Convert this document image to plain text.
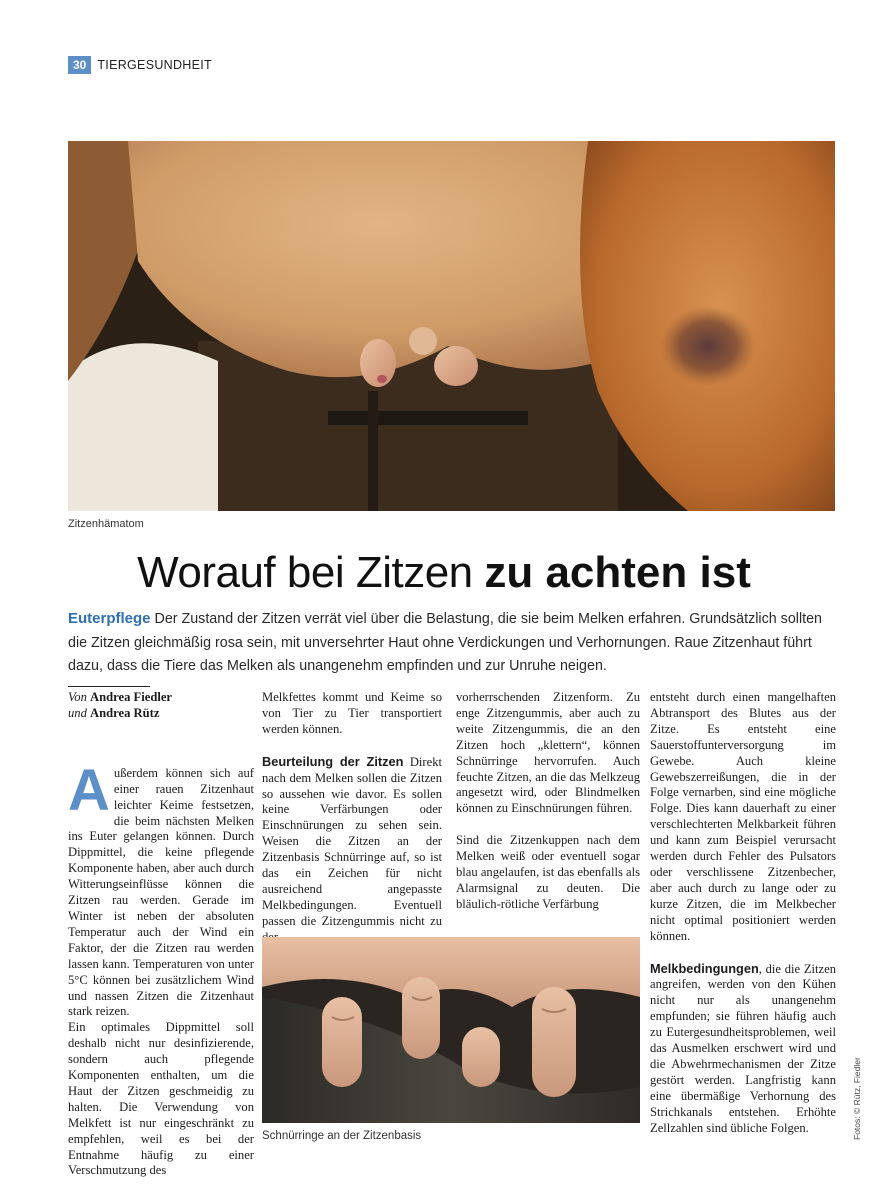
30 TIERGESUNDHEIT
Zitzenhämatom
Worauf bei Zitzen zu achten ist
Euterpflege Der Zustand der Zitzen verrät viel über die Belastung, die sie beim Melken erfahren. Grundsätzlich sollten die Zitzen gleichmäßig rosa sein, mit unversehrter Haut ohne Verdickungen und Verhornungen. Raue Zitzenhaut führt dazu, dass die Tiere das Melken als unangenehm empfinden und zur Unruhe neigen.
Von Andrea Fiedler
und Andrea Rütz

Außerdem können sich auf einer rauen Zitzenhaut leichter Keime festsetzen, die beim nächsten Melken ins Euter gelangen können. Durch Dippmittel, die keine pflegende Komponente haben, aber auch durch Witterungseinflüsse können die Zitzen rau werden. Gerade im Winter ist neben der absoluten Temperatur auch der Wind ein Faktor, der die Zitzen rau werden lassen kann. Temperaturen von unter 5°C können bei zusätzlichem Wind und nassen Zitzen die Zitzenhaut stark reizen.

Ein optimales Dippmittel soll deshalb nicht nur desinfizierende, sondern auch pflegende Komponenten enthalten, um die Haut der Zitzen geschmeidig zu halten. Die Verwendung von Melkfett ist nur eingeschränkt zu empfehlen, weil es bei der Entnahme häufig zu einer Verschmutzung des

Melkfettes kommt und Keime so von Tier zu Tier transportiert werden können.

Beurteilung der Zitzen Direkt nach dem Melken sollen die Zitzen so aussehen wie davor. Es sollen keine Verfärbungen oder Einschnürungen zu sehen sein. Weisen die Zitzen an der Zitzenbasis Schnürringe auf, so ist das ein Zeichen für nicht ausreichend angepasste Melkbedingungen. Eventuell passen die Zitzengummis nicht zu

vorherrschenden Zitzenform. Zu enge Zitzengummis, aber auch zu weite Zitzengummis, die an den Zitzen hoch „klettern“, können Schnürringe hervorrufen. Auch feuchte Zitzen, an die das Melkzeug angesetzt wird, oder Blindmelken können zu Einschnürungen führen.

Sind die Zitzenkuppen nach dem Melken weiß oder eventuell sogar blau angelaufen, ist das ebenfalls als Alarmsignal zu deuten. Die bläulich-rötliche Verfärbung

entsteht durch einen mangelhaften Abtransport des Blutes aus der Zitze. Es entsteht eine Sauerstoffunterversorgung im Gewebe. Auch kleine Gewebszerreißungen, die in der Folge vernarben, sind eine mögliche Folge. Dies kann dauerhaft zu einer verschlechterten Melkbarkeit führen und kann zum Beispiel verursacht werden durch Fehler des Pulsators oder verschlissene Zitzenbecher, aber auch durch zu lange oder zu kurze Zitzen, die im Melkbecher nicht optimal positioniert werden können.

Melkbedingungen, die die Zitzen angreifen, werden von den Kühen nicht nur als unangenehm empfunden; sie führen häufig auch zu Eutergesundheitsproblemen, weil das Ausmelken erschwert wird und die Abwehrmechanismen der Zitze gestört werden. Langfristig kann eine übermäßige Verhornung des Strichkanals entstehen. Erhöhte Zellzahlen sind übliche Folgen.

Schnürringe an der Zitzenbasis	Fotos: © Rütz, Fiedler
